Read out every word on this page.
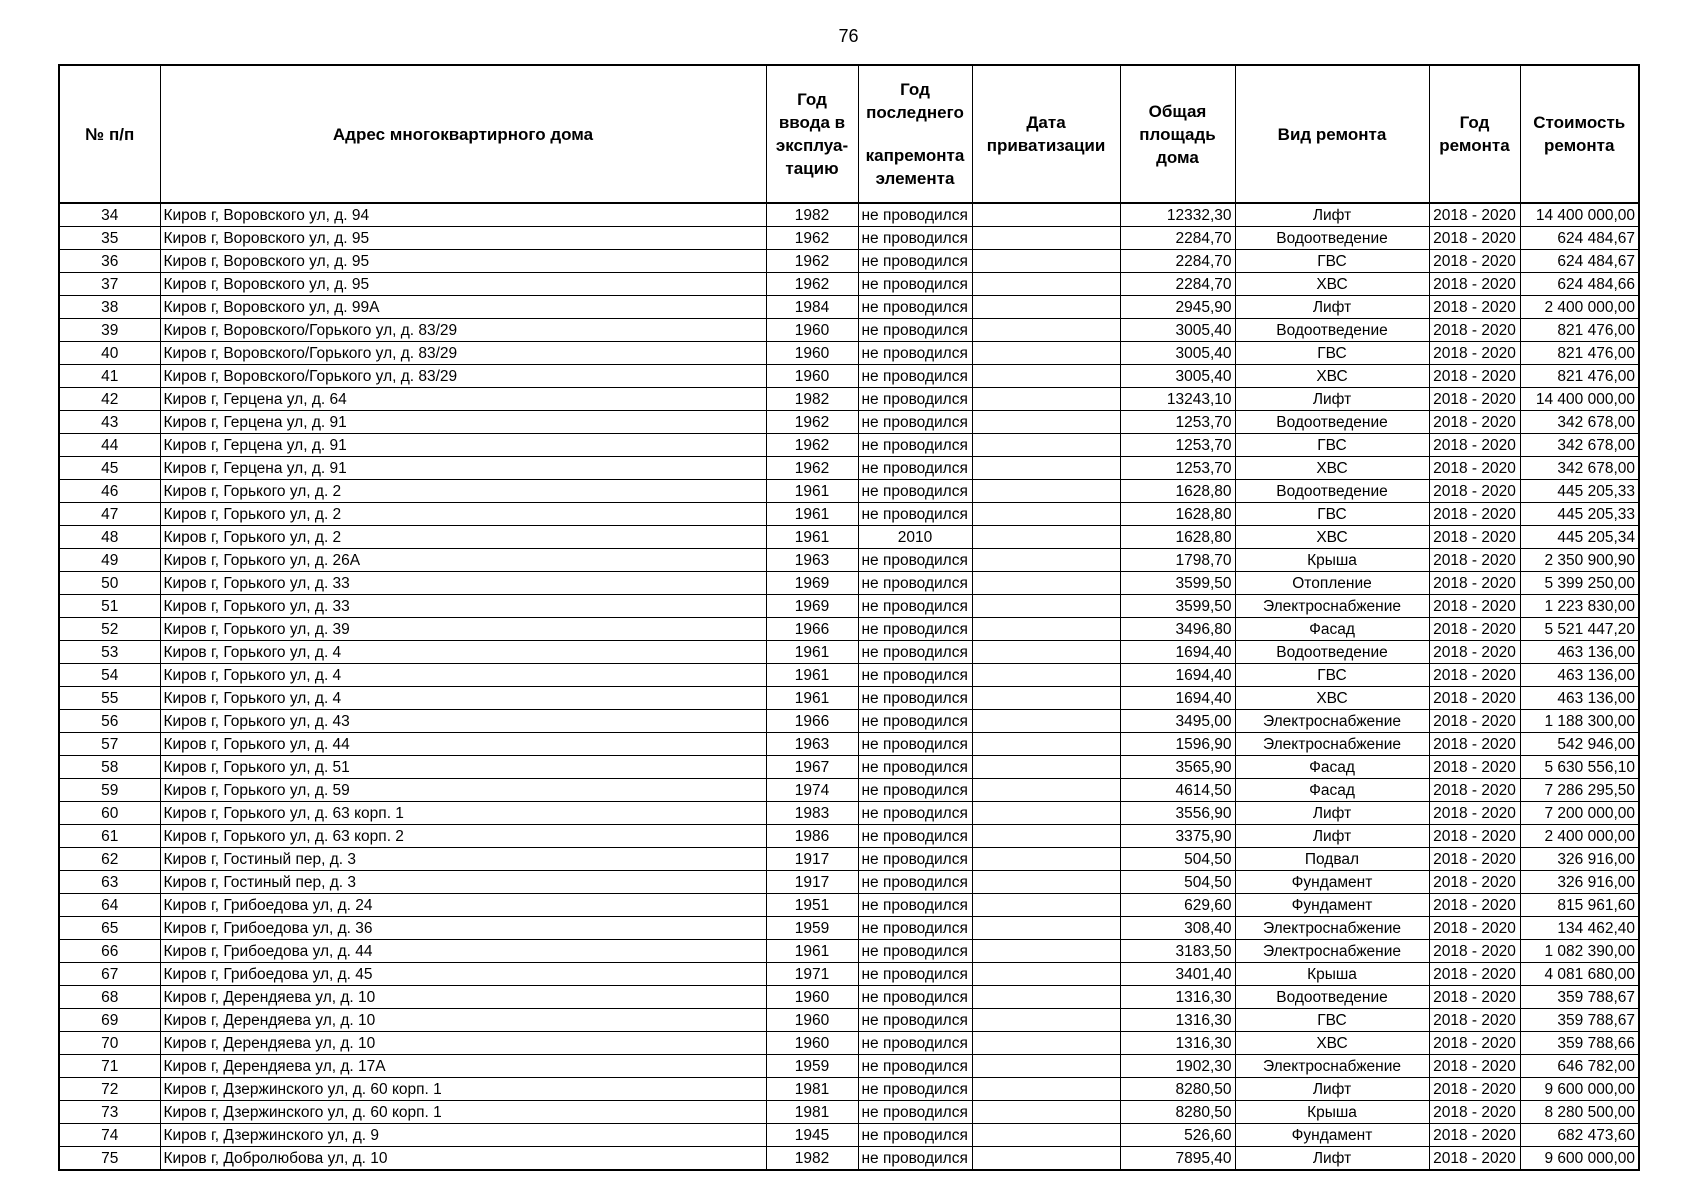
76
№ п/п	Адрес многоквартирного дома	Год ввода в эксплуа-тацию	Год последнего
капремонта элемента	Дата приватизации	Общая площадь дома	Вид ремонта	Год ремонта	Стоимость ремонта
34	Киров г, Воровского ул, д. 94	1982	не проводился		12332,30	Лифт	2018 - 2020	14 400 000,00
35	Киров г, Воровского ул, д. 95	1962	не проводился		2284,70	Водоотведение	2018 - 2020	624 484,67
36	Киров г, Воровского ул, д. 95	1962	не проводился		2284,70	ГВС	2018 - 2020	624 484,67
37	Киров г, Воровского ул, д. 95	1962	не проводился		2284,70	ХВС	2018 - 2020	624 484,66
38	Киров г, Воровского ул, д. 99А	1984	не проводился		2945,90	Лифт	2018 - 2020	2 400 000,00
39	Киров г, Воровского/Горького ул, д. 83/29	1960	не проводился		3005,40	Водоотведение	2018 - 2020	821 476,00
40	Киров г, Воровского/Горького ул, д. 83/29	1960	не проводился		3005,40	ГВС	2018 - 2020	821 476,00
41	Киров г, Воровского/Горького ул, д. 83/29	1960	не проводился		3005,40	ХВС	2018 - 2020	821 476,00
42	Киров г, Герцена ул, д. 64	1982	не проводился		13243,10	Лифт	2018 - 2020	14 400 000,00
43	Киров г, Герцена ул, д. 91	1962	не проводился		1253,70	Водоотведение	2018 - 2020	342 678,00
44	Киров г, Герцена ул, д. 91	1962	не проводился		1253,70	ГВС	2018 - 2020	342 678,00
45	Киров г, Герцена ул, д. 91	1962	не проводился		1253,70	ХВС	2018 - 2020	342 678,00
46	Киров г, Горького ул, д. 2	1961	не проводился		1628,80	Водоотведение	2018 - 2020	445 205,33
47	Киров г, Горького ул, д. 2	1961	не проводился		1628,80	ГВС	2018 - 2020	445 205,33
48	Киров г, Горького ул, д. 2	1961	2010		1628,80	ХВС	2018 - 2020	445 205,34
49	Киров г, Горького ул, д. 26А	1963	не проводился		1798,70	Крыша	2018 - 2020	2 350 900,90
50	Киров г, Горького ул, д. 33	1969	не проводился		3599,50	Отопление	2018 - 2020	5 399 250,00
51	Киров г, Горького ул, д. 33	1969	не проводился		3599,50	Электроснабжение	2018 - 2020	1 223 830,00
52	Киров г, Горького ул, д. 39	1966	не проводился		3496,80	Фасад	2018 - 2020	5 521 447,20
53	Киров г, Горького ул, д. 4	1961	не проводился		1694,40	Водоотведение	2018 - 2020	463 136,00
54	Киров г, Горького ул, д. 4	1961	не проводился		1694,40	ГВС	2018 - 2020	463 136,00
55	Киров г, Горького ул, д. 4	1961	не проводился		1694,40	ХВС	2018 - 2020	463 136,00
56	Киров г, Горького ул, д. 43	1966	не проводился		3495,00	Электроснабжение	2018 - 2020	1 188 300,00
57	Киров г, Горького ул, д. 44	1963	не проводился		1596,90	Электроснабжение	2018 - 2020	542 946,00
58	Киров г, Горького ул, д. 51	1967	не проводился		3565,90	Фасад	2018 - 2020	5 630 556,10
59	Киров г, Горького ул, д. 59	1974	не проводился		4614,50	Фасад	2018 - 2020	7 286 295,50
60	Киров г, Горького ул, д. 63 корп. 1	1983	не проводился		3556,90	Лифт	2018 - 2020	7 200 000,00
61	Киров г, Горького ул, д. 63 корп. 2	1986	не проводился		3375,90	Лифт	2018 - 2020	2 400 000,00
62	Киров г, Гостиный пер, д. 3	1917	не проводился		504,50	Подвал	2018 - 2020	326 916,00
63	Киров г, Гостиный пер, д. 3	1917	не проводился		504,50	Фундамент	2018 - 2020	326 916,00
64	Киров г, Грибоедова ул, д. 24	1951	не проводился		629,60	Фундамент	2018 - 2020	815 961,60
65	Киров г, Грибоедова ул, д. 36	1959	не проводился		308,40	Электроснабжение	2018 - 2020	134 462,40
66	Киров г, Грибоедова ул, д. 44	1961	не проводился		3183,50	Электроснабжение	2018 - 2020	1 082 390,00
67	Киров г, Грибоедова ул, д. 45	1971	не проводился		3401,40	Крыша	2018 - 2020	4 081 680,00
68	Киров г, Дерендяева ул, д. 10	1960	не проводился		1316,30	Водоотведение	2018 - 2020	359 788,67
69	Киров г, Дерендяева ул, д. 10	1960	не проводился		1316,30	ГВС	2018 - 2020	359 788,67
70	Киров г, Дерендяева ул, д. 10	1960	не проводился		1316,30	ХВС	2018 - 2020	359 788,66
71	Киров г, Дерендяева ул, д. 17А	1959	не проводился		1902,30	Электроснабжение	2018 - 2020	646 782,00
72	Киров г, Дзержинского ул, д. 60 корп. 1	1981	не проводился		8280,50	Лифт	2018 - 2020	9 600 000,00
73	Киров г, Дзержинского ул, д. 60 корп. 1	1981	не проводился		8280,50	Крыша	2018 - 2020	8 280 500,00
74	Киров г, Дзержинского ул, д. 9	1945	не проводился		526,60	Фундамент	2018 - 2020	682 473,60
75	Киров г, Добролюбова ул, д. 10	1982	не проводился		7895,40	Лифт	2018 - 2020	9 600 000,00
